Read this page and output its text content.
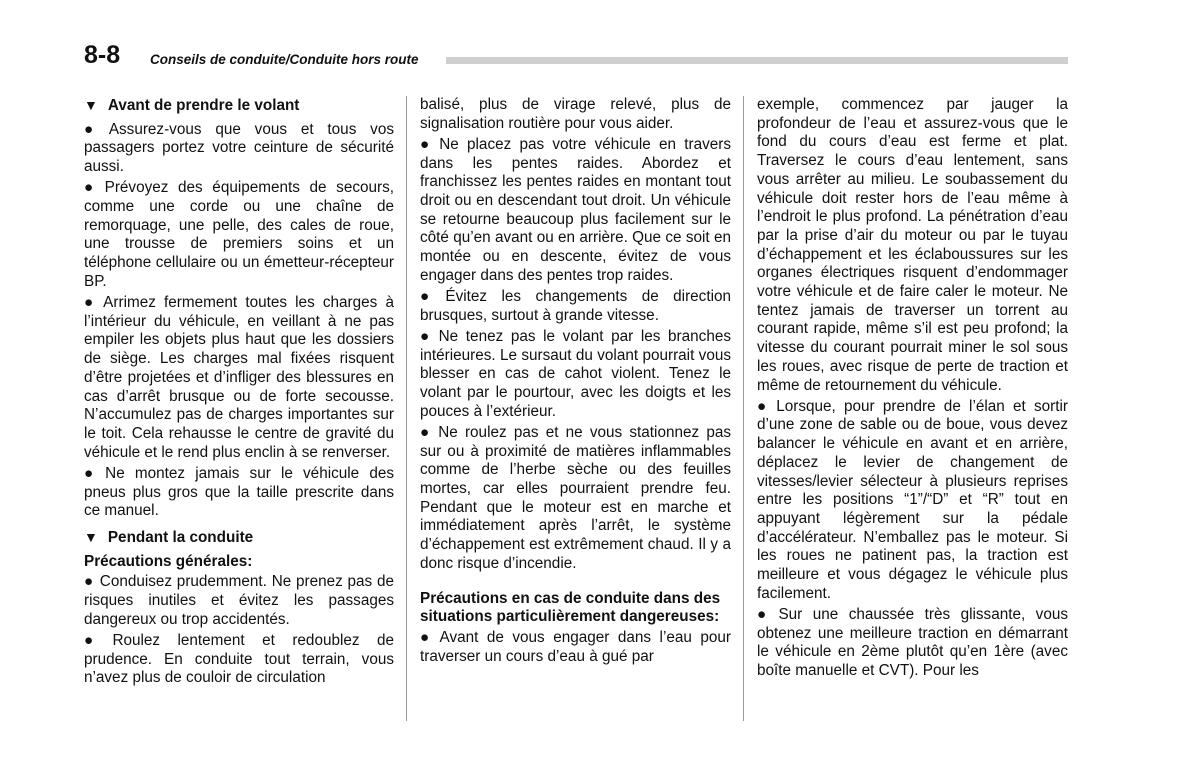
8-8 Conseils de conduite/Conduite hors route

▼ Avant de prendre le volant

● Assurez-vous que vous et tous vos passagers portez votre ceinture de sécurité aussi.

● Prévoyez des équipements de secours, comme une corde ou une chaîne de remorquage, une pelle, des cales de roue, une trousse de premiers soins et un téléphone cellulaire ou un émetteur-récepteur BP.

● Arrimez fermement toutes les charges à l’intérieur du véhicule, en veillant à ne pas empiler les objets plus haut que les dossiers de siège. Les charges mal fixées risquent d’être projetées et d’infliger des blessures en cas d’arrêt brusque ou de forte secousse. N’accumulez pas de charges importantes sur le toit. Cela rehausse le centre de gravité du véhicule et le rend plus enclin à se renverser.

● Ne montez jamais sur le véhicule des pneus plus gros que la taille prescrite dans ce manuel.

▼ Pendant la conduite

Précautions générales:

● Conduisez prudemment. Ne prenez pas de risques inutiles et évitez les passages dangereux ou trop accidentés.

● Roulez lentement et redoublez de prudence. En conduite tout terrain, vous n’avez plus de couloir de circulation

balisé, plus de virage relevé, plus de signalisation routière pour vous aider.

● Ne placez pas votre véhicule en travers dans les pentes raides. Abordez et franchissez les pentes raides en montant tout droit ou en descendant tout droit. Un véhicule se retourne beaucoup plus facilement sur le côté qu’en avant ou en arrière. Que ce soit en montée ou en descente, évitez de vous engager dans des pentes trop raides.

● Évitez les changements de direction brusques, surtout à grande vitesse.

● Ne tenez pas le volant par les branches intérieures. Le sursaut du volant pourrait vous blesser en cas de cahot violent. Tenez le volant par le pourtour, avec les doigts et les pouces à l’extérieur.

● Ne roulez pas et ne vous stationnez pas sur ou à proximité de matières inflammables comme de l’herbe sèche ou des feuilles mortes, car elles pourraient prendre feu. Pendant que le moteur est en marche et immédiatement après l’arrêt, le système d’échappement est extrêmement chaud. Il y a donc risque d’incendie.

Précautions en cas de conduite dans des situations particulièrement dangereuses:

● Avant de vous engager dans l’eau pour traverser un cours d’eau à gué par

exemple, commencez par jauger la profondeur de l’eau et assurez-vous que le fond du cours d’eau est ferme et plat. Traversez le cours d’eau lentement, sans vous arrêter au milieu. Le soubassement du véhicule doit rester hors de l’eau même à l’endroit le plus profond. La pénétration d’eau par la prise d’air du moteur ou par le tuyau d’échappement et les éclaboussures sur les organes électriques risquent d’endommager votre véhicule et de faire caler le moteur. Ne tentez jamais de traverser un torrent au courant rapide, même s’il est peu profond; la vitesse du courant pourrait miner le sol sous les roues, avec risque de perte de traction et même de retournement du véhicule.

● Lorsque, pour prendre de l’élan et sortir d’une zone de sable ou de boue, vous devez balancer le véhicule en avant et en arrière, déplacez le levier de changement de vitesses/levier sélecteur à plusieurs reprises entre les positions “1”/“D” et “R” tout en appuyant légèrement sur la pédale d’accélérateur. N’emballez pas le moteur. Si les roues ne patinent pas, la traction est meilleure et vous dégagez le véhicule plus facilement.

● Sur une chaussée très glissante, vous obtenez une meilleure traction en démarrant le véhicule en 2ème plutôt qu’en 1ère (avec boîte manuelle et CVT). Pour les
